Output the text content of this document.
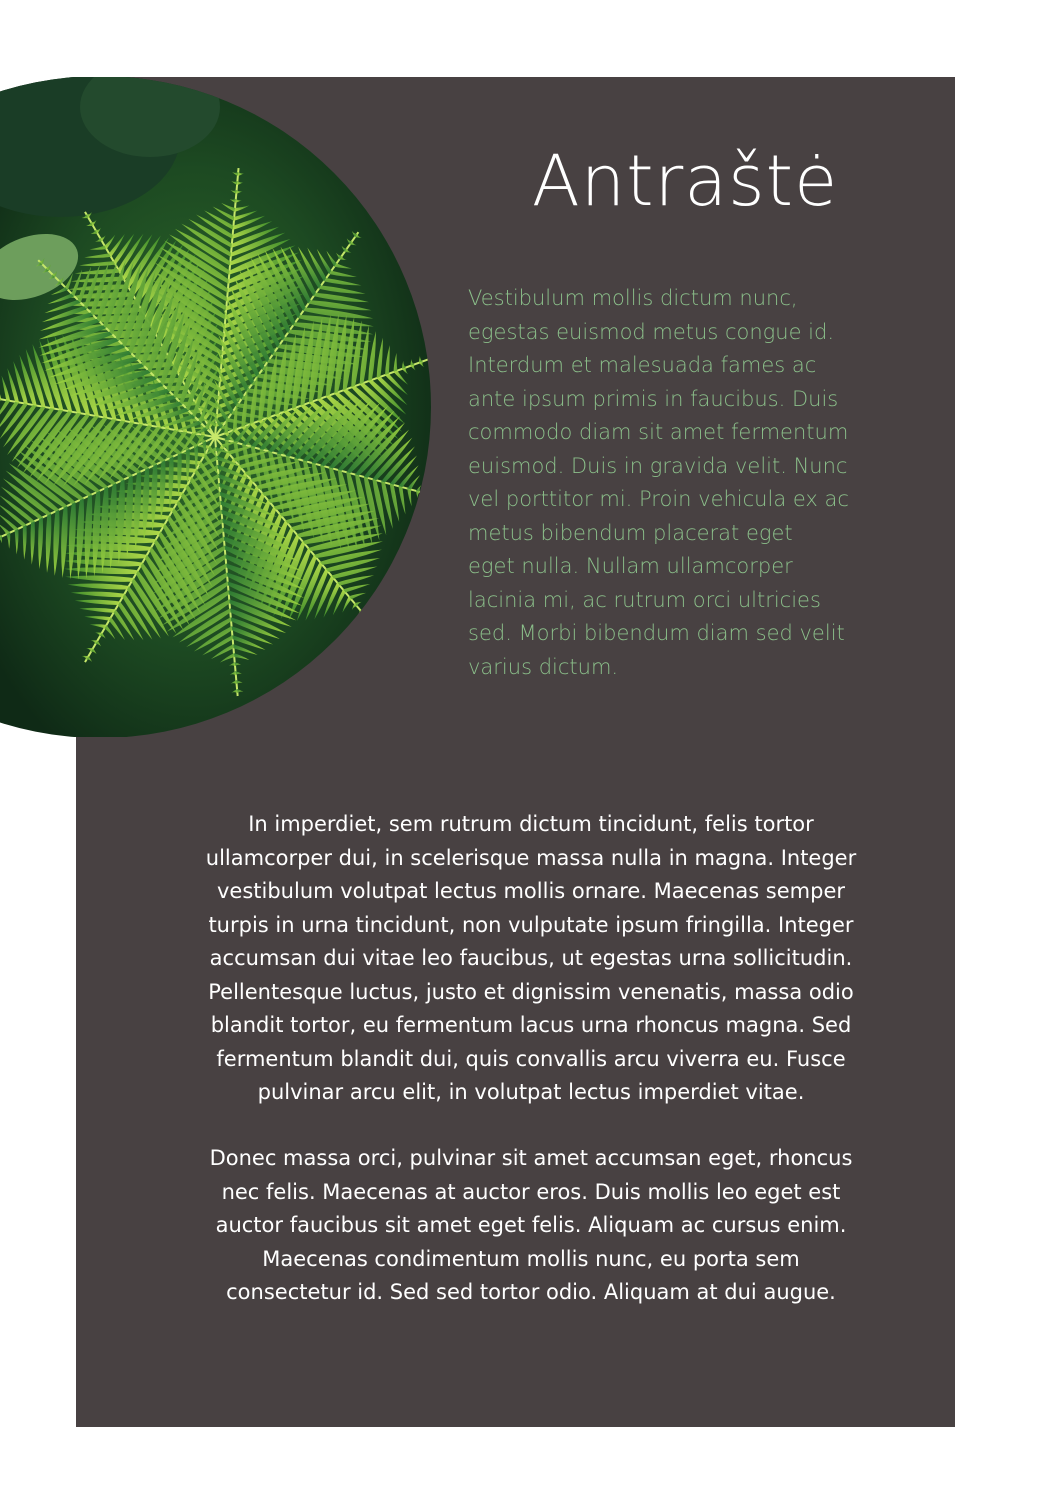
Antraštė

Vestibulum mollis dictum nunc,
egestas euismod metus congue id.
Interdum et malesuada fames ac
ante ipsum primis in faucibus. Duis
commodo diam sit amet fermentum
euismod. Duis in gravida velit. Nunc
vel porttitor mi. Proin vehicula ex ac
metus bibendum placerat eget
eget nulla. Nullam ullamcorper
lacinia mi, ac rutrum orci ultricies
sed. Morbi bibendum diam sed velit
varius dictum.

In imperdiet, sem rutrum dictum tincidunt, felis tortor
ullamcorper dui, in scelerisque massa nulla in magna. Integer
vestibulum volutpat lectus mollis ornare. Maecenas semper
turpis in urna tincidunt, non vulputate ipsum fringilla. Integer
accumsan dui vitae leo faucibus, ut egestas urna sollicitudin.
Pellentesque luctus, justo et dignissim venenatis, massa odio
blandit tortor, eu fermentum lacus urna rhoncus magna. Sed
fermentum blandit dui, quis convallis arcu viverra eu. Fusce
pulvinar arcu elit, in volutpat lectus imperdiet vitae.

Donec massa orci, pulvinar sit amet accumsan eget, rhoncus
nec felis. Maecenas at auctor eros. Duis mollis leo eget est
auctor faucibus sit amet eget felis. Aliquam ac cursus enim.
Maecenas condimentum mollis nunc, eu porta sem
consectetur id. Sed sed tortor odio. Aliquam at dui augue.
